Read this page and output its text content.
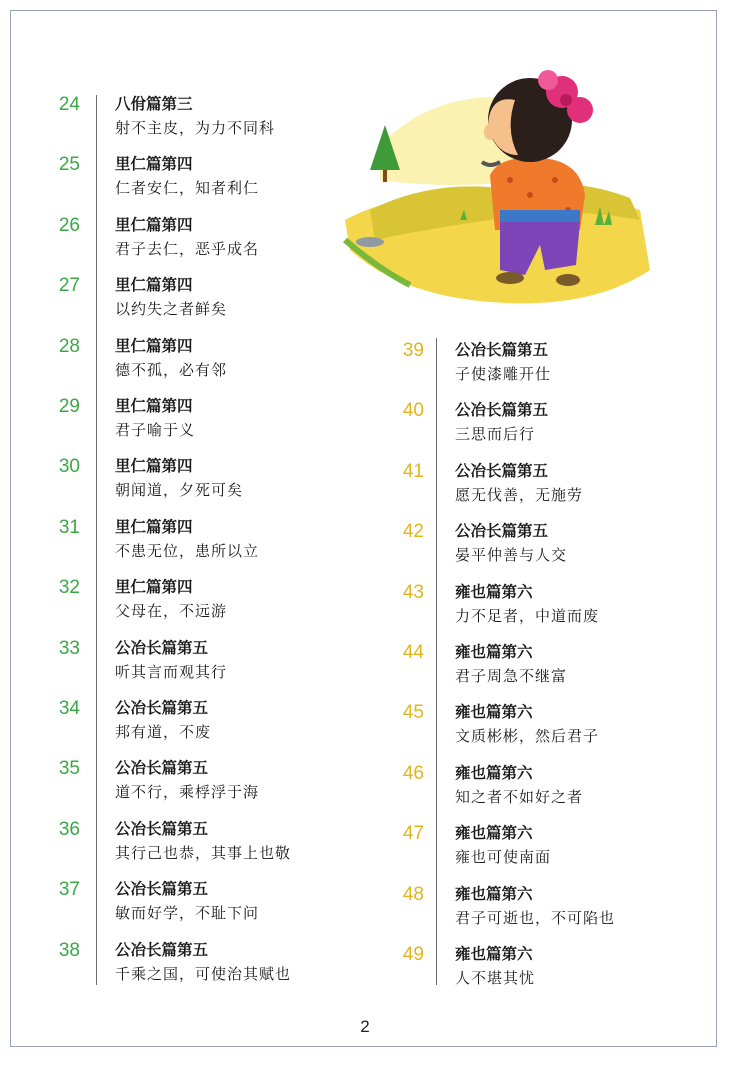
24 八佾篇第三
射不主皮，为力不同科
25 里仁篇第四
仁者安仁，知者利仁
26 里仁篇第四
君子去仁，恶乎成名
27 里仁篇第四
以约失之者鲜矣
28 里仁篇第四
德不孤，必有邻
29 里仁篇第四
君子喻于义
30 里仁篇第四
朝闻道，夕死可矣
31 里仁篇第四
不患无位，患所以立
32 里仁篇第四
父母在，不远游
33 公冶长篇第五
听其言而观其行
34 公冶长篇第五
邦有道，不废
35 公冶长篇第五
道不行，乘桴浮于海
36 公冶长篇第五
其行己也恭，其事上也敬
37 公冶长篇第五
敏而好学，不耻下问
38 公冶长篇第五
千乘之国，可使治其赋也
39 公冶长篇第五
子使漆雕开仕
40 公冶长篇第五
三思而后行
41 公冶长篇第五
愿无伐善，无施劳
42 公冶长篇第五
晏平仲善与人交
43 雍也篇第六
力不足者，中道而废
44 雍也篇第六
君子周急不继富
45 雍也篇第六
文质彬彬，然后君子
46 雍也篇第六
知之者不如好之者
47 雍也篇第六
雍也可使南面
48 雍也篇第六
君子可逝也，不可陷也
49 雍也篇第六
人不堪其忧
2
